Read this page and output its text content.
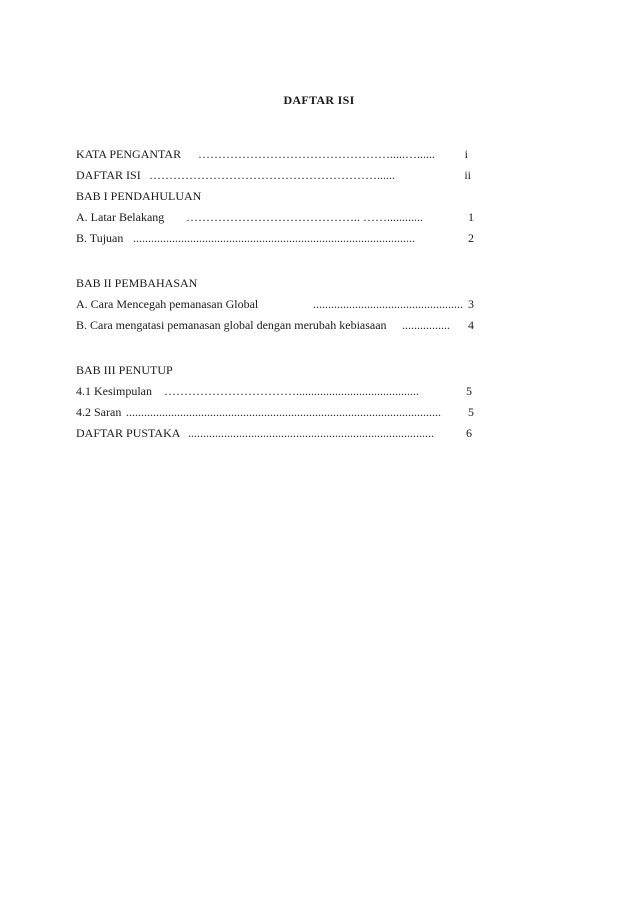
DAFTAR ISI
KATA PENGANTAR ………………………………………….....…...... i
DAFTAR ISI …………………………………………………......	ii
BAB I PENDAHULUAN
A. Latar Belakang …………………………………….. ……............	1
B. Tujuan ..............................................................................................	2
BAB II PEMBAHASAN
A. Cara Mencegah pemanasan Global	.................................................. 3
B. Cara mengatasi pemanasan global dengan merubah kebiasaan ................ 4
BAB III PENUTUP
4.1 Kesimpulan …………………………….........................................	5
4.2 Saran ......................................................................................................... 5
DAFTAR PUSTAKA ..................................................................................	6
